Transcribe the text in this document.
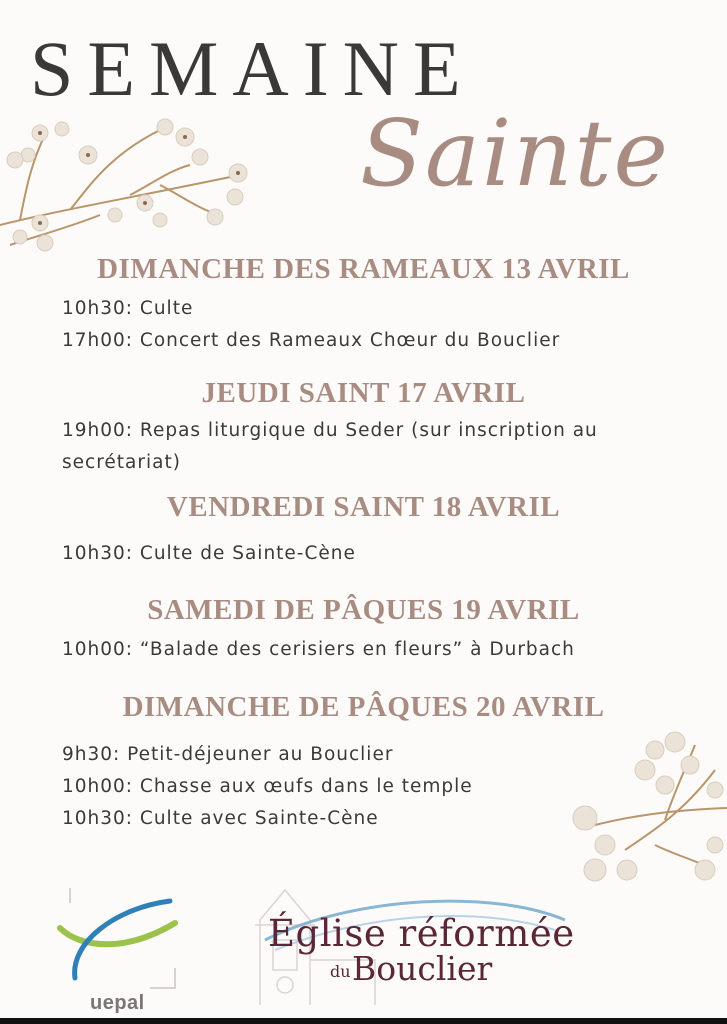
SEMAINE
Sainte

DIMANCHE DES RAMEAUX 13 AVRIL

10h30: Culte

17h00: Concert des Rameaux Chœur du Bouclier

JEUDI SAINT 17 AVRIL

19h00: Repas liturgique du Seder (sur inscription au secrétariat)

VENDREDI SAINT 18 AVRIL

10h30: Culte de Sainte-Cène

SAMEDI DE PÂQUES 19 AVRIL

10h00: “Balade des cerisiers en fleurs” à Durbach

DIMANCHE DE PÂQUES 20 AVRIL

9h30: Petit-déjeuner au Bouclier

10h00: Chasse aux œufs dans le temple

10h30: Culte avec Sainte-Cène

uepal
Église réformée
du Bouclier
